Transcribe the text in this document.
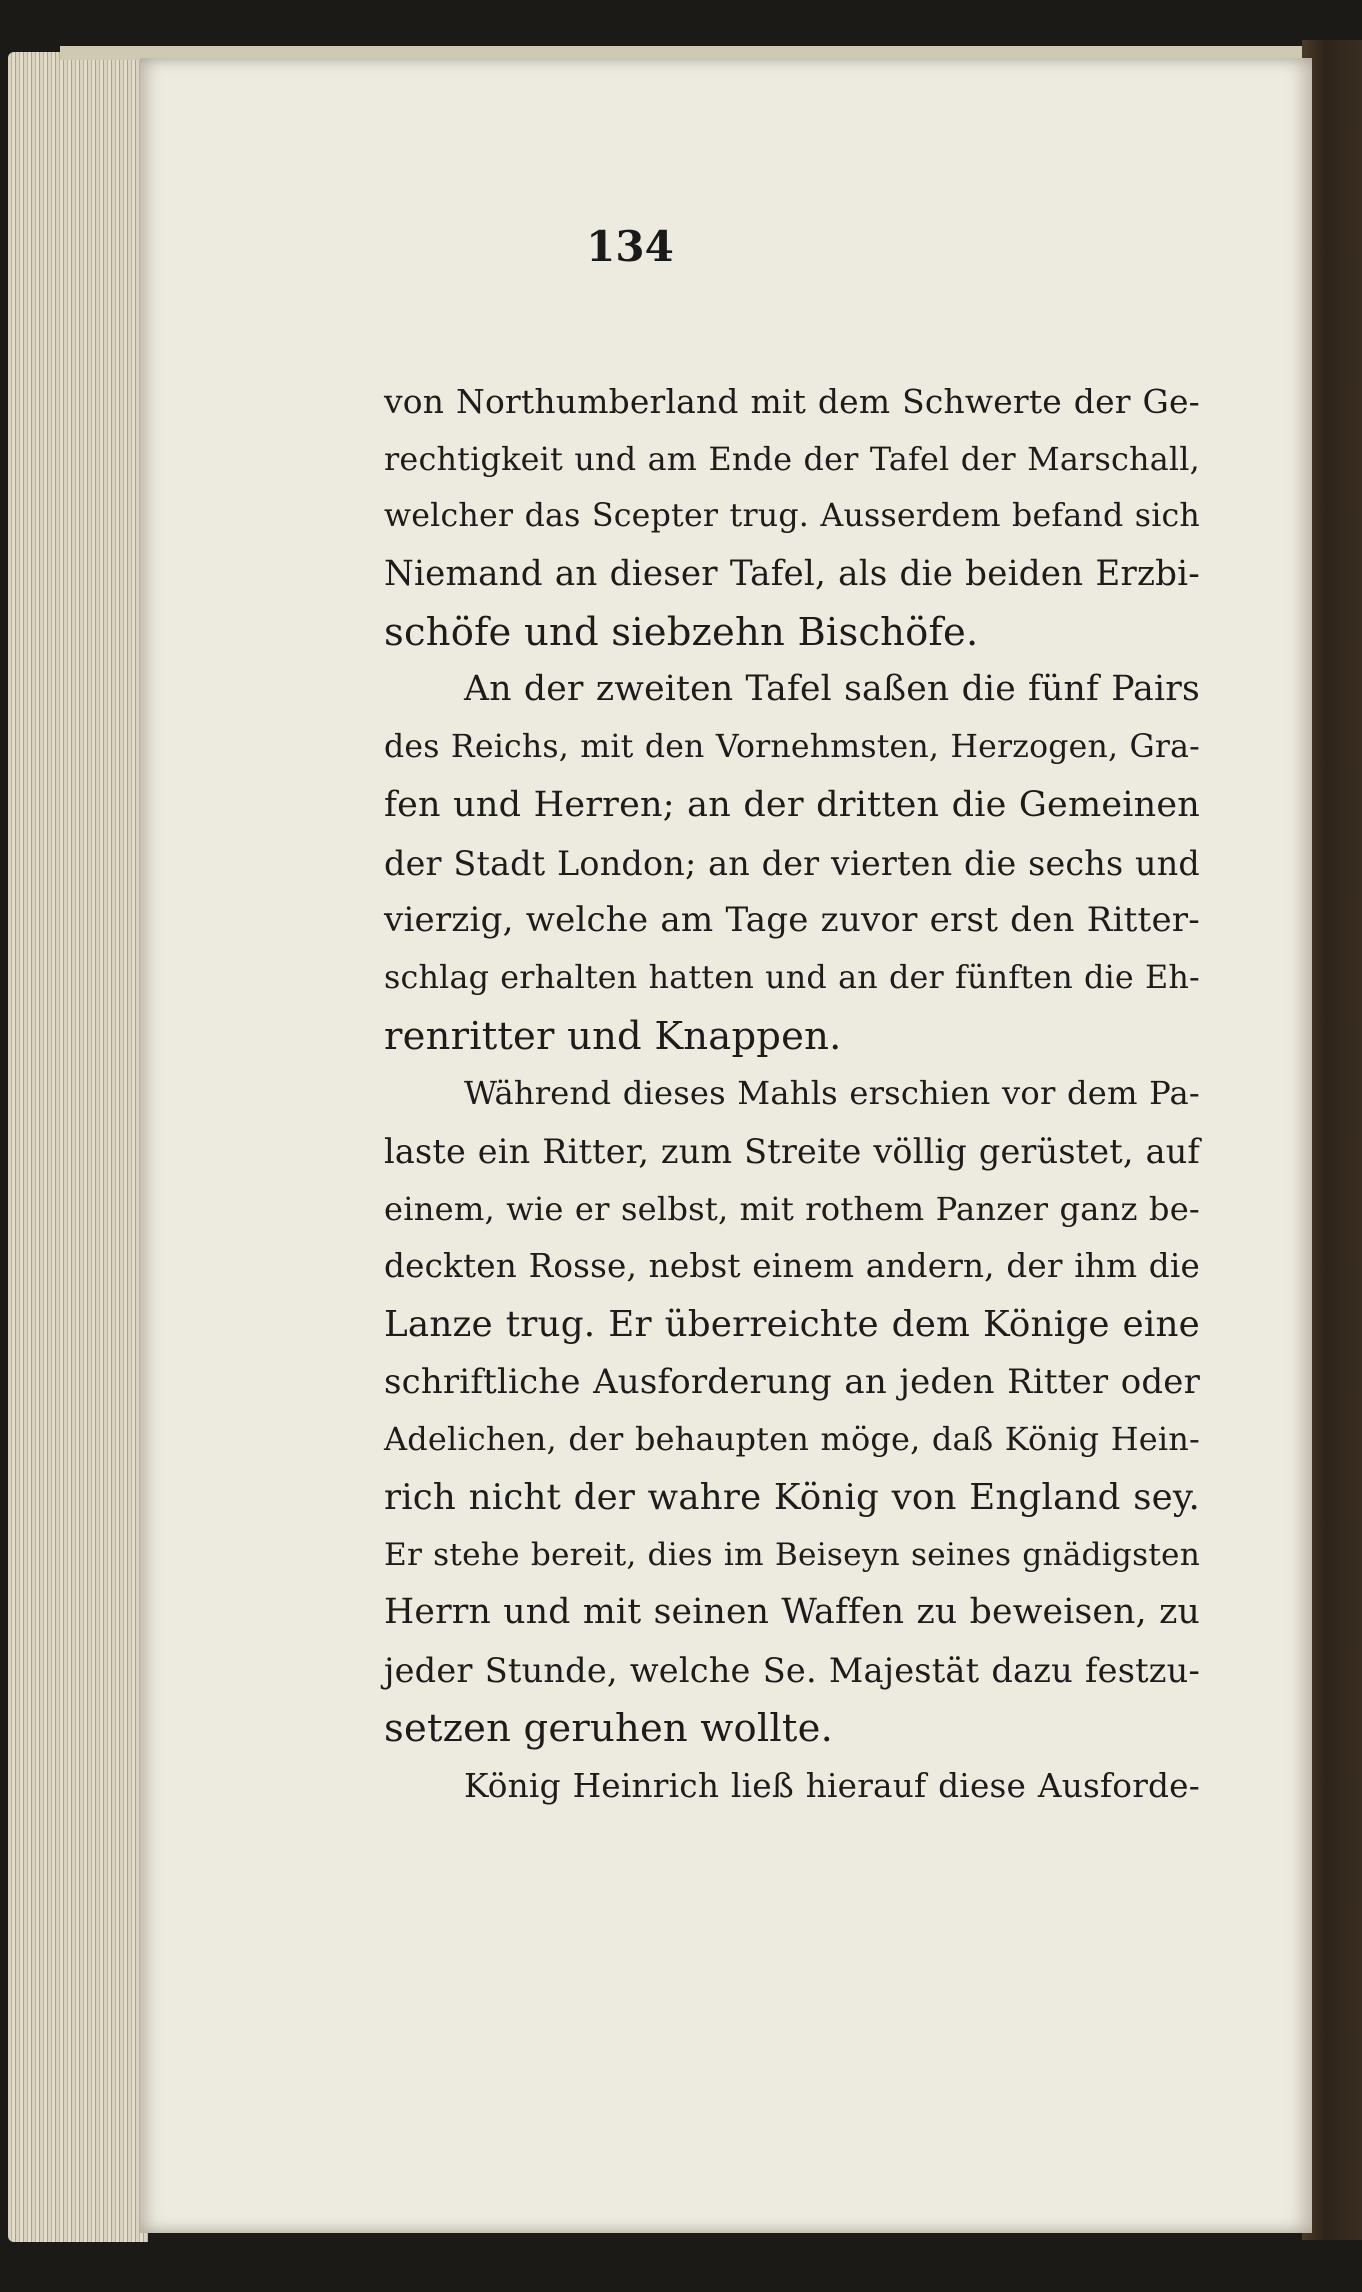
134
von Northumberland mit dem Schwerte der Ge-
rechtigkeit und am Ende der Tafel der Marschall,
welcher das Scepter trug. Ausserdem befand sich
Niemand an dieser Tafel, als die beiden Erzbi-
schöfe und siebzehn Bischöfe.
An der zweiten Tafel saßen die fünf Pairs
des Reichs, mit den Vornehmsten, Herzogen, Gra-
fen und Herren; an der dritten die Gemeinen
der Stadt London; an der vierten die sechs und
vierzig, welche am Tage zuvor erst den Ritter-
schlag erhalten hatten und an der fünften die Eh-
renritter und Knappen.
Während dieses Mahls erschien vor dem Pa-
laste ein Ritter, zum Streite völlig gerüstet, auf
einem, wie er selbst, mit rothem Panzer ganz be-
deckten Rosse, nebst einem andern, der ihm die
Lanze trug. Er überreichte dem Könige eine
schriftliche Ausforderung an jeden Ritter oder
Adelichen, der behaupten möge, daß König Hein-
rich nicht der wahre König von England sey.
Er stehe bereit, dies im Beiseyn seines gnädigsten
Herrn und mit seinen Waffen zu beweisen, zu
jeder Stunde, welche Se. Majestät dazu festzu-
setzen geruhen wollte.
König Heinrich ließ hierauf diese Ausforde-
